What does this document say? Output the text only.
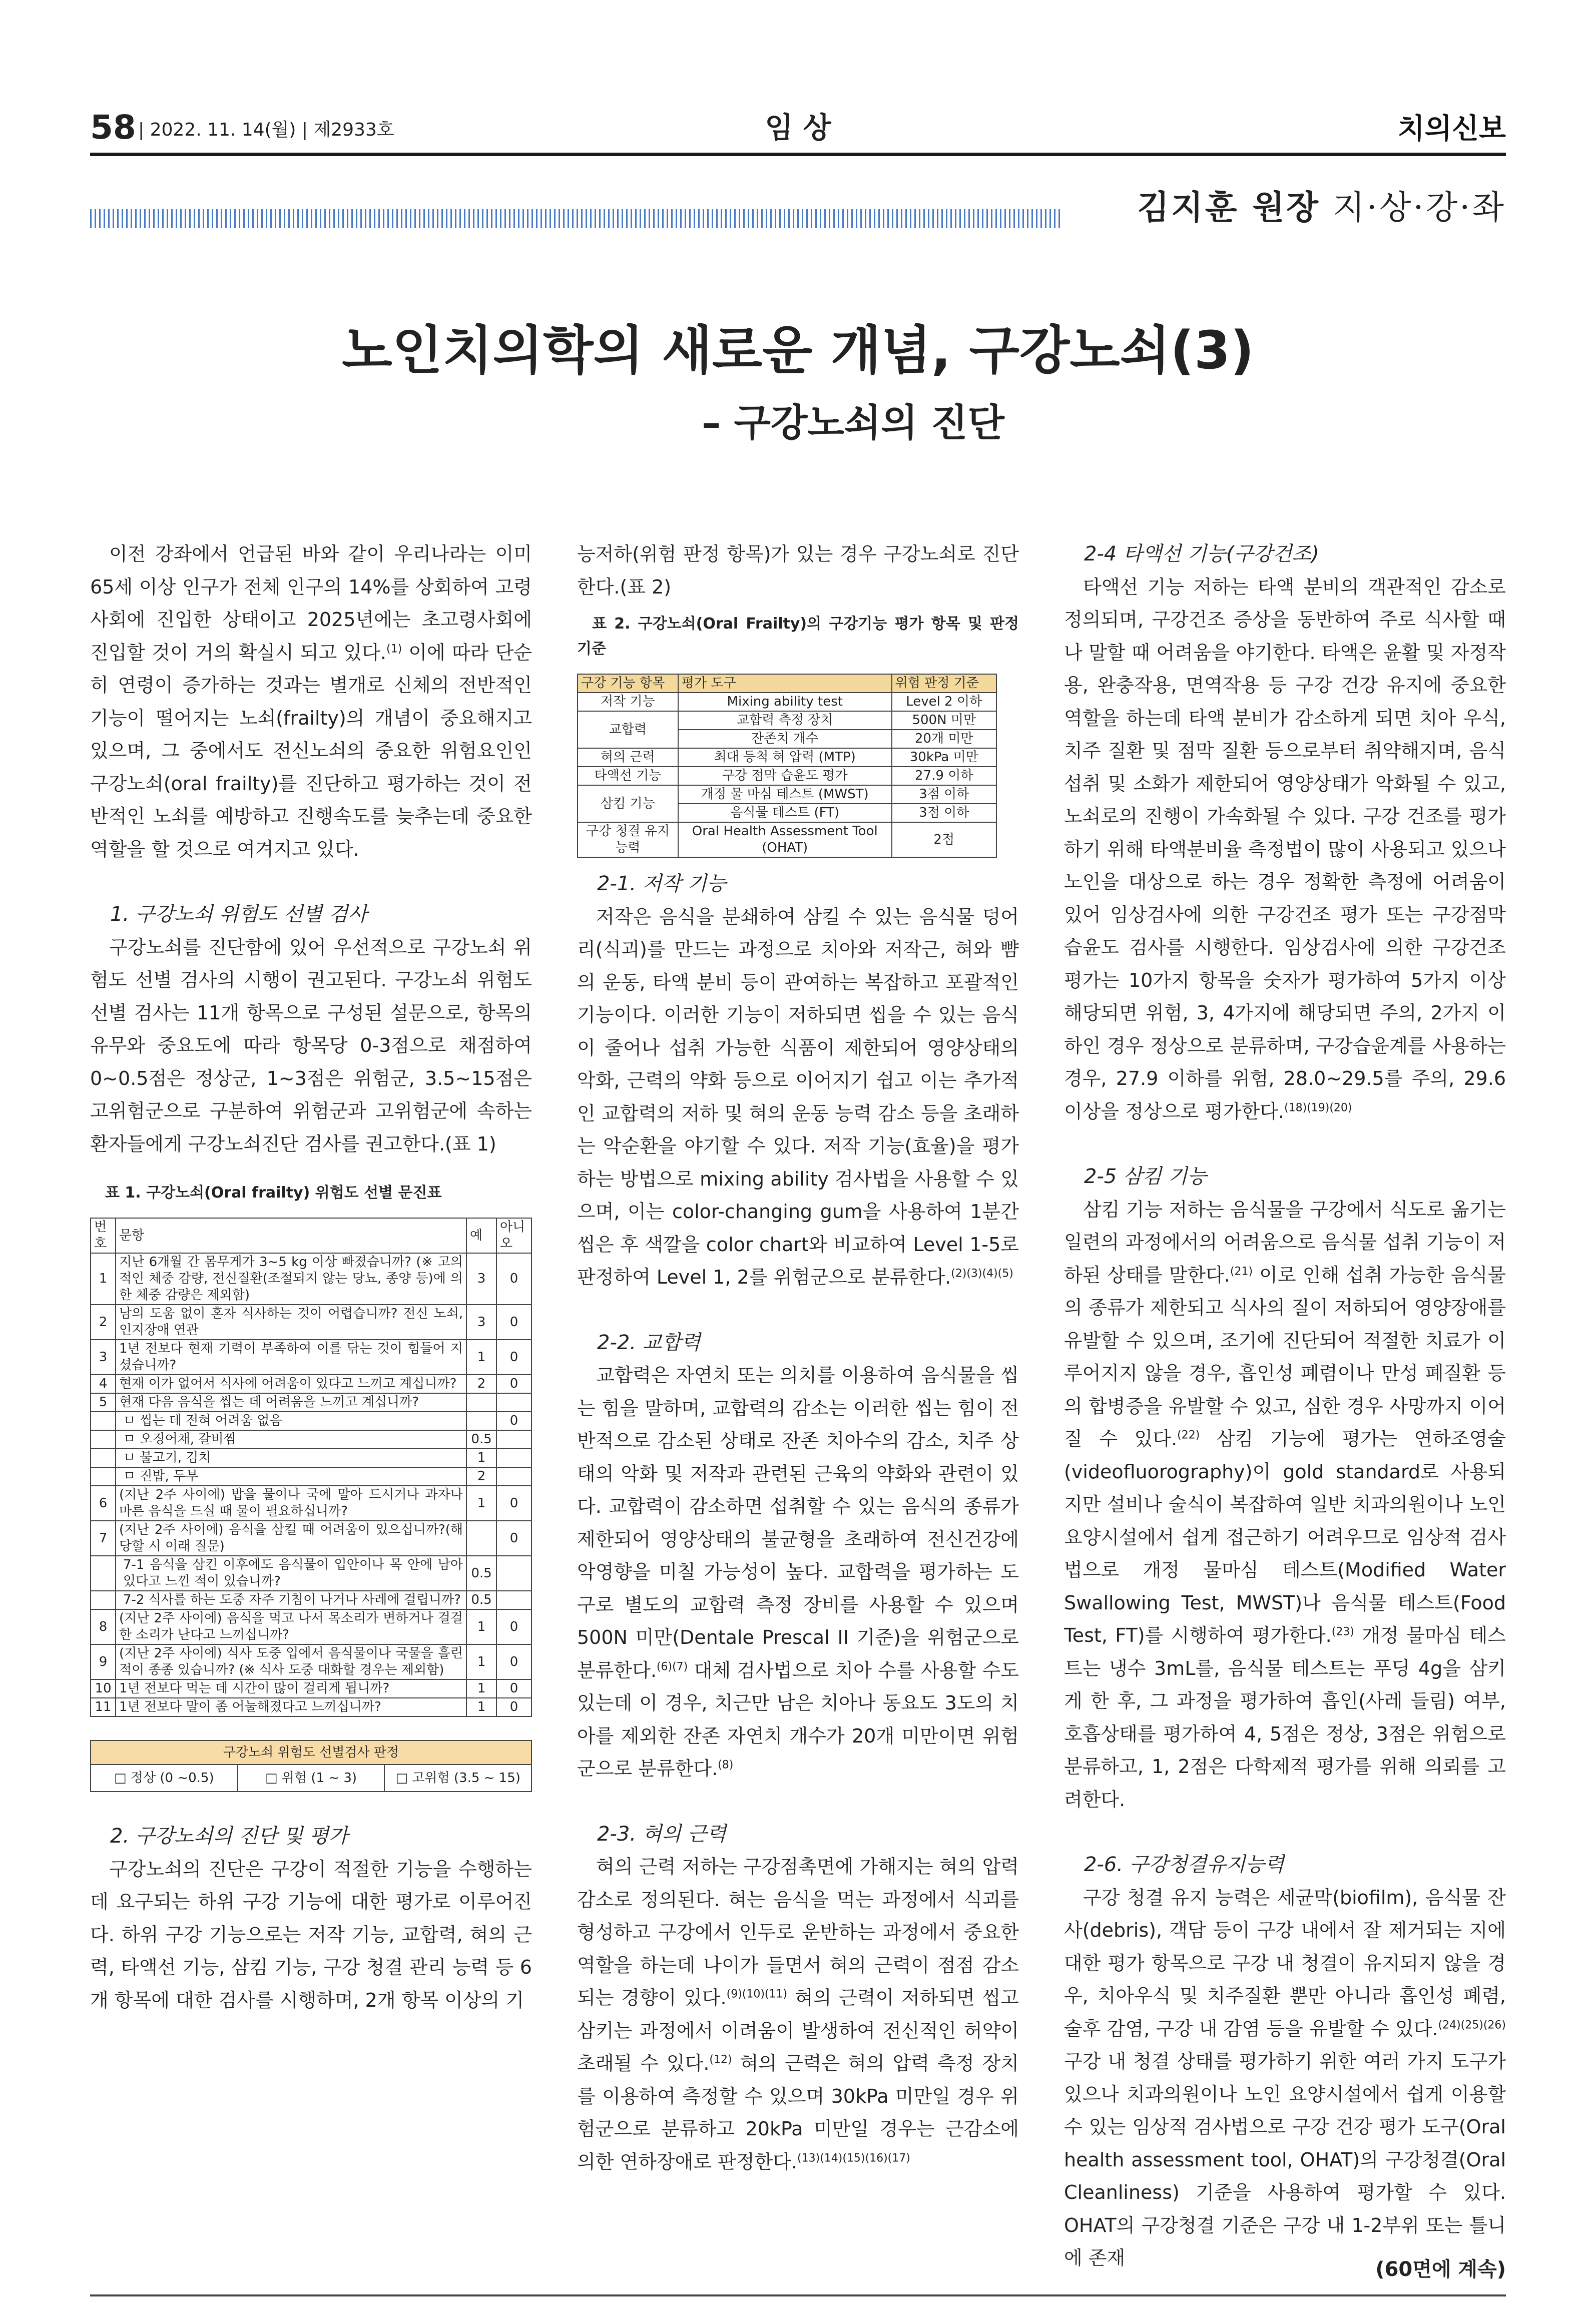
58 | 2022. 11. 14(월) | 제2933호	임 상	치의신보
김지훈 원장 지·상·강·좌
노인치의학의 새로운 개념, 구강노쇠(3)
– 구강노쇠의 진단

이전 강좌에서 언급된 바와 같이 우리나라는 이미 65세 이상 인구가 전체 인구의 14%를 상회하여 고령사회에 진입한 상태이고 2025년에는 초고령사회에 진입할 것이 거의 확실시 되고 있다.$^{(1)}$ 이에 따라 단순히 연령이 증가하는 것과는 별개로 신체의 전반적인 기능이 떨어지는 노쇠(frailty)의 개념이 중요해지고 있으며, 그 중에서도 전신노쇠의 중요한 위험요인인 구강노쇠(oral frailty)를 진단하고 평가하는 것이 전반적인 노쇠를 예방하고 진행속도를 늦추는데 중요한 역할을 할 것으로 여겨지고 있다.

1. 구강노쇠 위험도 선별 검사

구강노쇠를 진단함에 있어 우선적으로 구강노쇠 위험도 선별 검사의 시행이 권고된다. 구강노쇠 위험도 선별 검사는 11개 항목으로 구성된 설문으로, 항목의 유무와 중요도에 따라 항목당 0-3점으로 채점하여 0~0.5점은 정상군, 1~3점은 위험군, 3.5~15점은 고위험군으로 구분하여 위험군과 고위험군에 속하는 환자들에게 구강노쇠진단 검사를 권고한다.(표 1)

표 1. 구강노쇠(Oral frailty) 위험도 선별 문진표

번호	문항	예	아니오
1	지난 6개월 간 몸무게가 3~5 kg 이상 빠졌습니까? (※ 고의적인 체중 감량, 전신질환(조절되지 않는 당뇨, 종양 등)에 의한 체중 감량은 제외함)	3	0
2	남의 도움 없이 혼자 식사하는 것이 어렵습니까? 전신 노쇠, 인지장애 연관	3	0
3	1년 전보다 현재 기력이 부족하여 이를 닦는 것이 힘들어 지셨습니까?	1	0
4	현재 이가 없어서 식사에 어려움이 있다고 느끼고 계십니까?	2	0
5	현재 다음 음식을 씹는 데 어려움을 느끼고 계십니까?		
	ㅁ 씹는 데 전혀 어려움 없음		0
	ㅁ 오징어채, 갈비찜	0.5	
	ㅁ 불고기, 김치	1	
	ㅁ 진밥, 두부	2	
6	(지난 2주 사이에) 밥을 물이나 국에 말아 드시거나 과자나 마른 음식을 드실 때 물이 필요하십니까?	1	0
7	(지난 2주 사이에) 음식을 삼킬 때 어려움이 있으십니까?(해당할 시 이래 질문)		0
	7-1 음식을 삼킨 이후에도 음식물이 입안이나 목 안에 남아 있다고 느낀 적이 있습니까?	0.5	
	7-2 식사를 하는 도중 자주 기침이 나거나 사레에 걸립니까?	0.5	
8	(지난 2주 사이에) 음식을 먹고 나서 목소리가 변하거나 걸걸한 소리가 난다고 느끼십니까?	1	0
9	(지난 2주 사이에) 식사 도중 입에서 음식물이나 국물을 흘린 적이 종종 있습니까? (※ 식사 도중 대화할 경우는 제외함)	1	0
10	1년 전보다 먹는 데 시간이 많이 걸리게 됩니까?	1	0
11	1년 전보다 말이 좀 어눌해졌다고 느끼십니까?	1	0
구강노쇠 위험도 선별검사 판정
□ 정상 (0 ~0.5)	□ 위험 (1 ~ 3)	□ 고위험 (3.5 ~ 15)

2. 구강노쇠의 진단 및 평가

구강노쇠의 진단은 구강이 적절한 기능을 수행하는데 요구되는 하위 구강 기능에 대한 평가로 이루어진다. 하위 구강 기능으로는 저작 기능, 교합력, 혀의 근력, 타액선 기능, 삼킴 기능, 구강 청결 관리 능력 등 6개 항목에 대한 검사를 시행하며, 2개 항목 이상의 기

능저하(위험 판정 항목)가 있는 경우 구강노쇠로 진단한다.(표 2)

표 2. 구강노쇠(Oral Frailty)의 구강기능 평가 항목 및 판정 기준

구강 기능 항목	평가 도구	위험 판정 기준
저작 기능	Mixing ability test	Level 2 이하
교합력	교합력 측정 장치	500N 미만
	잔존치 개수	20개 미만
혀의 근력	최대 등척 혀 압력 (MTP)	30kPa 미만
타액선 기능	구강 점막 습윤도 평가	27.9 이하
삼킴 기능	개정 물 마심 테스트 (MWST)	3점 이하
	음식물 테스트 (FT)	3점 이하
구강 청결 유지 능력	Oral Health Assessment Tool (OHAT)	2점

2-1. 저작 기능

저작은 음식을 분쇄하여 삼킬 수 있는 음식물 덩어리(식괴)를 만드는 과정으로 치아와 저작근, 혀와 뺨의 운동, 타액 분비 등이 관여하는 복잡하고 포괄적인 기능이다. 이러한 기능이 저하되면 씹을 수 있는 음식이 줄어나 섭취 가능한 식품이 제한되어 영양상태의 악화, 근력의 약화 등으로 이어지기 쉽고 이는 추가적인 교합력의 저하 및 혀의 운동 능력 감소 등을 초래하는 악순환을 야기할 수 있다. 저작 기능(효율)을 평가하는 방법으로 mixing ability 검사법을 사용할 수 있으며, 이는 color-changing gum을 사용하여 1분간 씹은 후 색깔을 color chart와 비교하여 Level 1-5로 판정하여 Level 1, 2를 위험군으로 분류한다.$^{(2)(3)(4)(5)}$

2-2. 교합력

교합력은 자연치 또는 의치를 이용하여 음식물을 씹는 힘을 말하며, 교합력의 감소는 이러한 씹는 힘이 전반적으로 감소된 상태로 잔존 치아수의 감소, 치주 상태의 악화 및 저작과 관련된 근육의 약화와 관련이 있다. 교합력이 감소하면 섭취할 수 있는 음식의 종류가 제한되어 영양상태의 불균형을 초래하여 전신건강에 악영향을 미칠 가능성이 높다. 교합력을 평가하는 도구로 별도의 교합력 측정 장비를 사용할 수 있으며 500N 미만(Dentale Prescal II 기준)을 위험군으로 분류한다.$^{(6)(7)}$ 대체 검사법으로 치아 수를 사용할 수도 있는데 이 경우, 치근만 남은 치아나 동요도 3도의 치아를 제외한 잔존 자연치 개수가 20개 미만이면 위험군으로 분류한다.$^{(8)}$

2-3. 혀의 근력

혀의 근력 저하는 구강점촉면에 가해지는 혀의 압력 감소로 정의된다. 혀는 음식을 먹는 과정에서 식괴를 형성하고 구강에서 인두로 운반하는 과정에서 중요한 역할을 하는데 나이가 들면서 혀의 근력이 점점 감소되는 경향이 있다.$^{(9)(10)(11)}$ 혀의 근력이 저하되면 씹고 삼키는 과정에서 이려움이 발생하여 전신적인 허약이 초래될 수 있다.$^{(12)}$ 혀의 근력은 혀의 압력 측정 장치를 이용하여 측정할 수 있으며 30kPa 미만일 경우 위험군으로 분류하고 20kPa 미만일 경우는 근감소에 의한 연하장애로 판정한다.$^{(13)(14)(15)(16)(17)}$

2-4 타액선 기능(구강건조)

타액선 기능 저하는 타액 분비의 객관적인 감소로 정의되며, 구강건조 증상을 동반하여 주로 식사할 때나 말할 때 어려움을 야기한다. 타액은 윤활 및 자정작용, 완충작용, 면역작용 등 구강 건강 유지에 중요한 역할을 하는데 타액 분비가 감소하게 되면 치아 우식, 치주 질환 및 점막 질환 등으로부터 취약해지며, 음식 섭취 및 소화가 제한되어 영양상태가 악화될 수 있고, 노쇠로의 진행이 가속화될 수 있다. 구강 건조를 평가하기 위해 타액분비율 측정법이 많이 사용되고 있으나 노인을 대상으로 하는 경우 정확한 측정에 어려움이 있어 임상검사에 의한 구강건조 평가 또는 구강점막 습윤도 검사를 시행한다. 임상검사에 의한 구강건조 평가는 10가지 항목을 숫자가 평가하여 5가지 이상 해당되면 위험, 3, 4가지에 해당되면 주의, 2가지 이하인 경우 정상으로 분류하며, 구강습윤계를 사용하는 경우, 27.9 이하를 위험, 28.0~29.5를 주의, 29.6 이상을 정상으로 평가한다.$^{(18)(19)(20)}$

2-5 삼킴 기능

삼킴 기능 저하는 음식물을 구강에서 식도로 옮기는 일련의 과정에서의 어려움으로 음식물 섭취 기능이 저하된 상태를 말한다.$^{(21)}$ 이로 인해 섭취 가능한 음식물의 종류가 제한되고 식사의 질이 저하되어 영양장애를 유발할 수 있으며, 조기에 진단되어 적절한 치료가 이루어지지 않을 경우, 흡인성 폐렴이나 만성 폐질환 등의 합병증을 유발할 수 있고, 심한 경우 사망까지 이어질 수 있다.$^{(22)}$ 삼킴 기능에 평가는 연하조영술(videofluorography)이 gold standard로 사용되지만 설비나 술식이 복잡하여 일반 치과의원이나 노인 요양시설에서 쉽게 접근하기 어려우므로 임상적 검사법으로 개정 물마심 테스트(Modified Water Swallowing Test, MWST)나 음식물 테스트(Food Test, FT)를 시행하여 평가한다.$^{(23)}$ 개정 물마심 테스트는 냉수 3mL를, 음식물 테스트는 푸딩 4g을 삼키게 한 후, 그 과정을 평가하여 흡인(사레 들림) 여부, 호흡상태를 평가하여 4, 5점은 정상, 3점은 위험으로 분류하고, 1, 2점은 다학제적 평가를 위해 의뢰를 고려한다.

2-6. 구강청결유지능력

구강 청결 유지 능력은 세균막(biofilm), 음식물 잔사(debris), 객담 등이 구강 내에서 잘 제거되는 지에 대한 평가 항목으로 구강 내 청결이 유지되지 않을 경우, 치아우식 및 치주질환 뿐만 아니라 흡인성 폐렴, 술후 감염, 구강 내 감염 등을 유발할 수 있다.$^{(24)(25)(26)}$ 구강 내 청결 상태를 평가하기 위한 여러 가지 도구가 있으나 치과의원이나 노인 요양시설에서 쉽게 이용할 수 있는 임상적 검사법으로 구강 건강 평가 도구(Oral health assessment tool, OHAT)의 구강청결(Oral Cleanliness) 기준을 사용하여 평가할 수 있다. OHAT의 구강청결 기준은 구강 내 1-2부위 또는 틀니에 존재	(60면에 계속)
